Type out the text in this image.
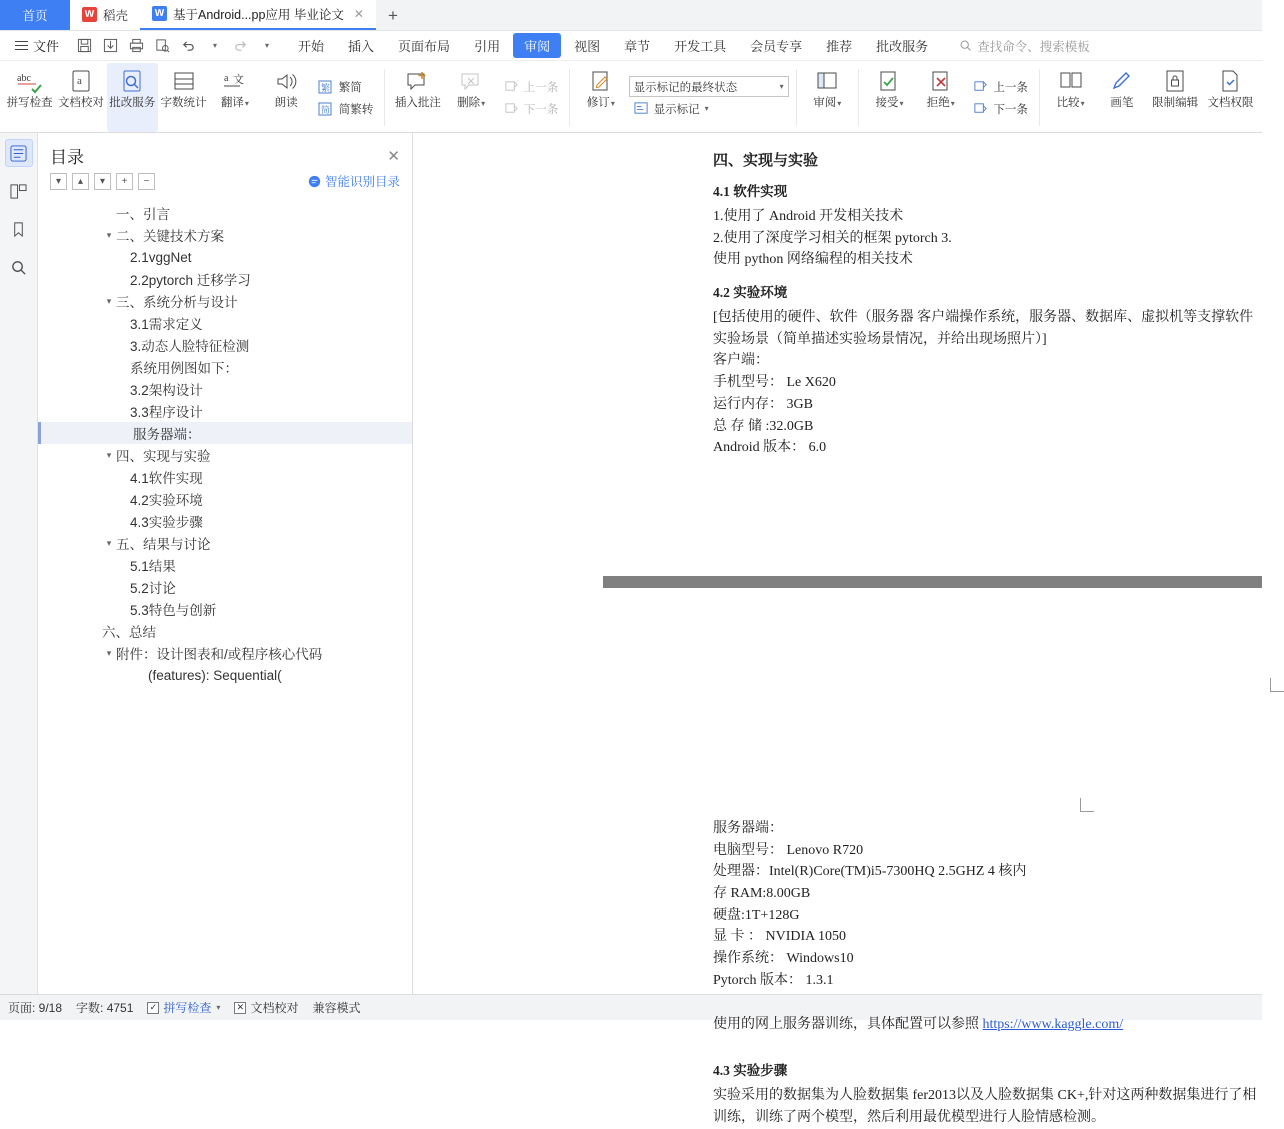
首页	W 稻壳	W 基于Android...pp应用 毕业论文 ✕	+
文件	▾	▾	开始	插入	页面布局	引用	审阅	视图	章节	开发工具	会员专享	推荐	批改服务	查找命令、搜索模板
abc
拼写检查
a
文档校对 批改服务 字数统计
a 文
翻译▾ 朗读
繁 繁简
简 简繁转
插入批注 删除▾
上一条
下一条
修订▾
显示标记的最终状态	▾
显示标记 ▾	审阅▾	接受▾ 拒绝▾
上一条
下一条
比较▾ 画笔 限制编辑 文档权限
目录	✕
▾	▴	▾	+	−	智能识别目录
一、引言
▾ 二、关键技术方案
2.1vggNet
2.2pytorch 迁移学习
▾ 三、系统分析与设计
3.1需求定义
3.动态人脸特征检测
系统用例图如下：
3.2架构设计
3.3程序设计
服务器端：
▾ 四、实现与实验
4.1软件实现
4.2实验环境
4.3实验步骤
▾ 五、结果与讨论
5.1结果
5.2讨论
5.3特色与创新
六、总结
▾ 附件：设计图表和/或程序核心代码
(features): Sequential(
四、实现与实验
4.1 软件实现

1.使用了 Android 开发相关技术

2.使用了深度学习相关的框架 pytorch 3.

使用 python 网络编程的相关技术

4.2 实验环境

[包括使用的硬件、软件（服务器 客户端操作系统，服务器、数据库、虚拟机等支撑软件

实验场景（简单描述实验场景情况，并给出现场照片）]

客户端：

手机型号： Le X620

运行内存： 3GB

总 存 储 :32.0GB

Android 版本： 6.0

服务器端：

电脑型号： Lenovo R720

处理器：Intel(R)Core(TM)i5-7300HQ 2.5GHZ 4 核内

存 RAM:8.00GB

硬盘:1T+128G

显 卡 ： NVIDIA 1050

操作系统： Windows10

Pytorch 版本： 1.3.1

使用的网上服务器训练，具体配置可以参照 https://www.kaggle.com/

4.3 实验步骤

实验采用的数据集为人脸数据集 fer2013以及人脸数据集 CK+,针对这两种数据集进行了相

训练，训练了两个模型，然后利用最优模型进行人脸情感检测。

页面: 9/18 字数: 4751 ✓ 拼写检查 ▾ ✕ 文档校对 兼容模式
